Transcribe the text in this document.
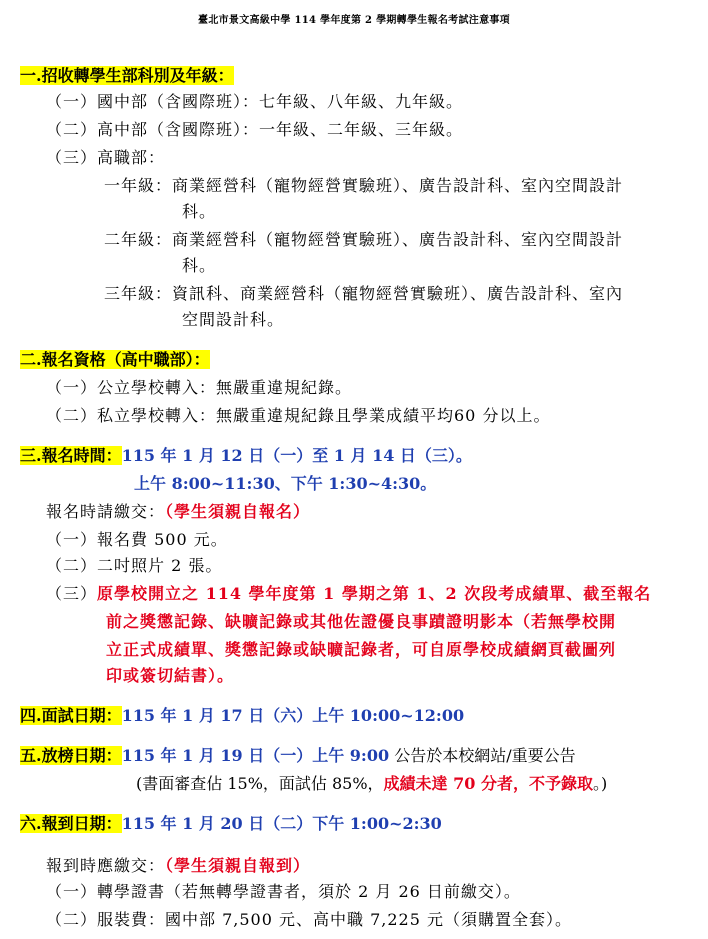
臺北市景文高級中學 114 學年度第 2 學期轉學生報名考試注意事項
一.招收轉學生部科別及年級：
（一）國中部（含國際班）：七年級、八年級、九年級。
（二）高中部（含國際班）：一年級、二年級、三年級。
（三）高職部：
一年級：商業經營科（寵物經營實驗班）、廣告設計科、室內空間設計
科。
二年級：商業經營科（寵物經營實驗班）、廣告設計科、室內空間設計
科。
三年級：資訊科、商業經營科（寵物經營實驗班）、廣告設計科、室內
空間設計科。
二.報名資格（高中職部）：
（一）公立學校轉入：無嚴重違規紀錄。
（二）私立學校轉入：無嚴重違規紀錄且學業成績平均60 分以上。
三.報名時間：115 年 1 月 12 日（一）至 1 月 14 日（三）。
上午 8:00~11:30、下午 1:30~4:30。
報名時請繳交：（學生須親自報名）
（一）報名費 500 元。
（二）二吋照片 2 張。
（三）原學校開立之 114 學年度第 1 學期之第 1、2 次段考成績單、截至報名
前之獎懲記錄、缺曠記錄或其他佐證優良事蹟證明影本（若無學校開
立正式成績單、獎懲記錄或缺曠記錄者，可自原學校成績網頁截圖列
印或簽切結書）。
四.面試日期：115 年 1 月 17 日（六）上午 10:00~12:00
五.放榜日期：115 年 1 月 19 日（一）上午 9:00 公告於本校網站/重要公告
(書面審查佔 15%，面試佔 85%，成績未達 70 分者，不予錄取。)
六.報到日期：115 年 1 月 20 日（二）下午 1:00~2:30
報到時應繳交：（學生須親自報到）
（一）轉學證書（若無轉學證書者，須於 2 月 26 日前繳交）。
（二）服裝費：國中部 7,500 元、高中職 7,225 元（須購置全套）。
